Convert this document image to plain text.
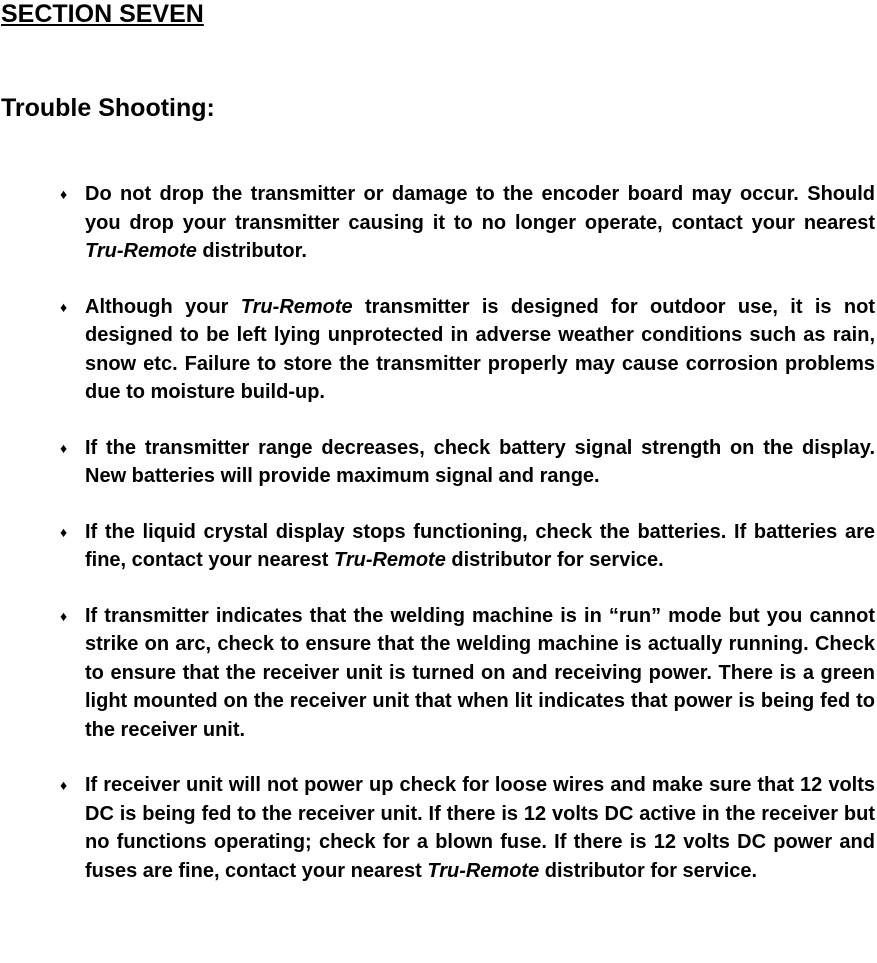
SECTION SEVEN
Trouble Shooting:
♦ Do not drop the transmitter or damage to the encoder board may occur. Should you drop your transmitter causing it to no longer operate, contact your nearest Tru-Remote distributor.
♦ Although your Tru-Remote transmitter is designed for outdoor use, it is not designed to be left lying unprotected in adverse weather conditions such as rain, snow etc. Failure to store the transmitter properly may cause corrosion problems due to moisture build-up.
♦ If the transmitter range decreases, check battery signal strength on the display. New batteries will provide maximum signal and range.
♦ If the liquid crystal display stops functioning, check the batteries. If batteries are fine, contact your nearest Tru-Remote distributor for service.
♦ If transmitter indicates that the welding machine is in “run” mode but you cannot strike on arc, check to ensure that the welding machine is actually running. Check to ensure that the receiver unit is turned on and receiving power. There is a green light mounted on the receiver unit that when lit indicates that power is being fed to the receiver unit.
♦ If receiver unit will not power up check for loose wires and make sure that 12 volts DC is being fed to the receiver unit. If there is 12 volts DC active in the receiver but no functions operating; check for a blown fuse. If there is 12 volts DC power and fuses are fine, contact your nearest Tru-Remote distributor for service.
